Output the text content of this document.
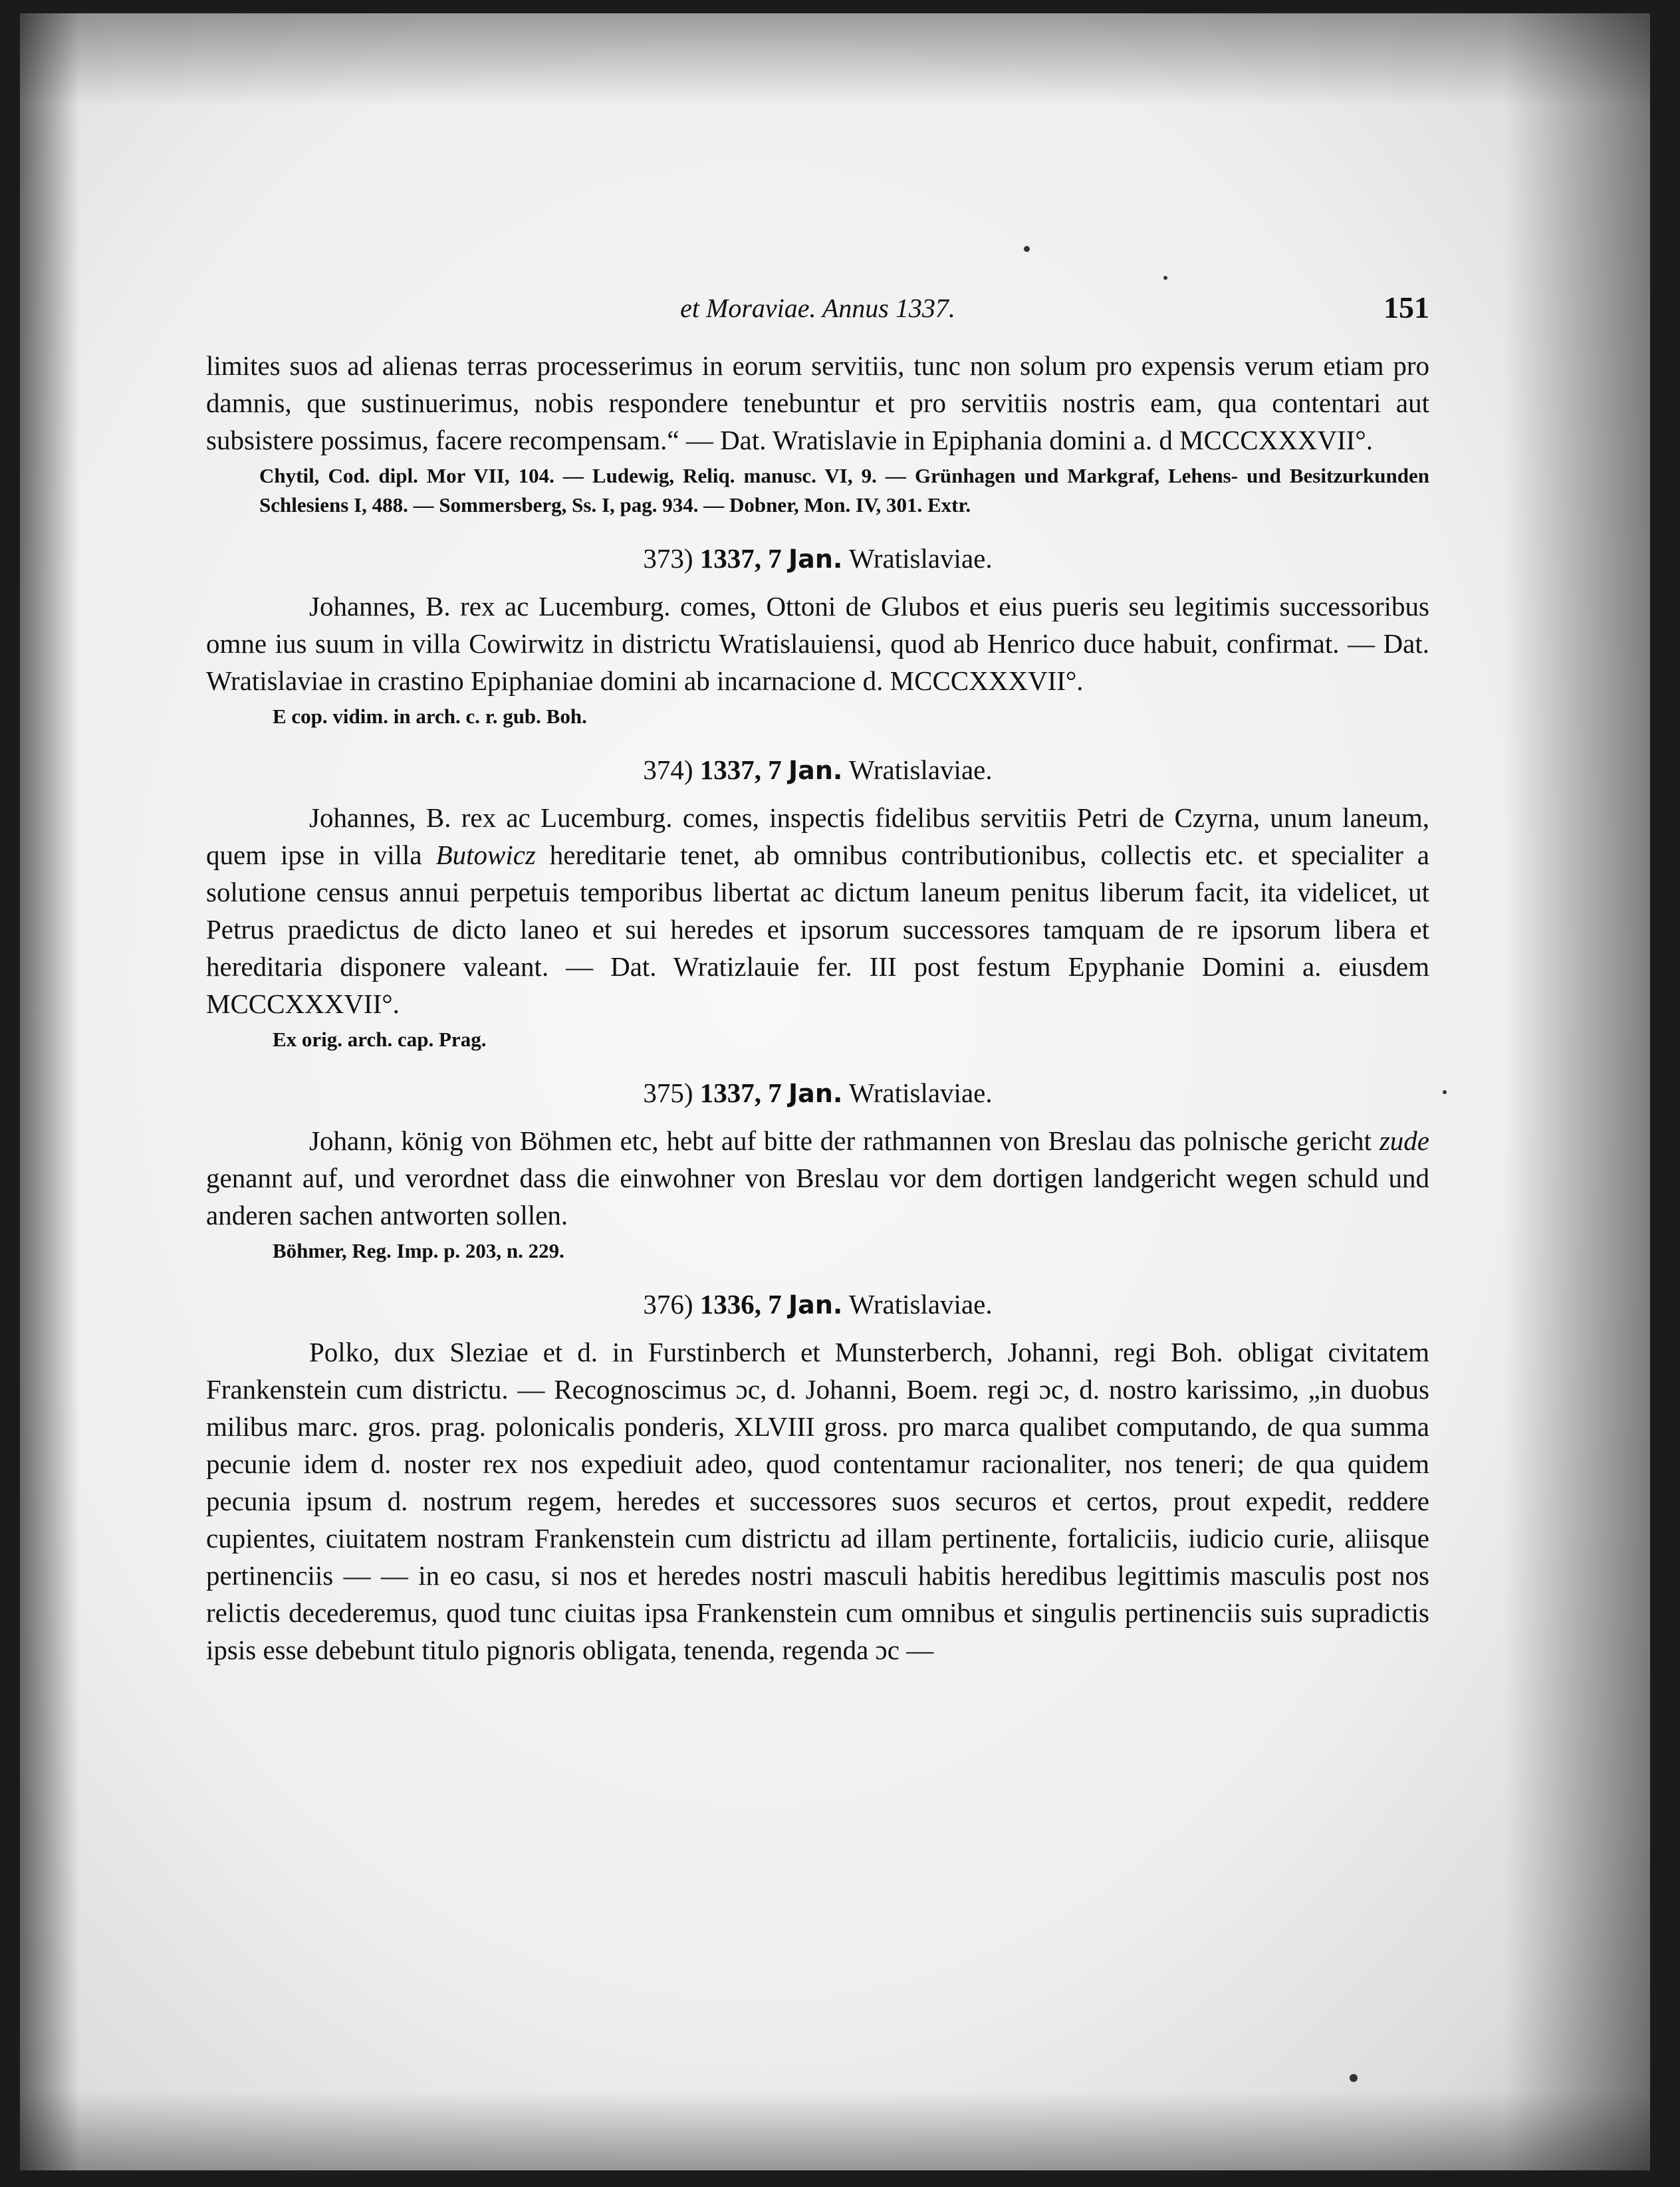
et Moraviae. Annus 1337.	151

limites suos ad alienas terras processerimus in eorum servitiis, tunc non solum pro expensis verum etiam pro damnis, que sustinuerimus, nobis respondere tenebuntur et pro servitiis nostris eam, qua contentari aut subsistere possimus, facere recompensam.“ — Dat. Wratislavie in Epiphania domini a. d MCCCXXXVII°.

Chytil, Cod. dipl. Mor VII, 104. — Ludewig, Reliq. manusc. VI, 9. — Grünhagen und Markgraf, Lehens- und Besitzurkunden Schlesiens I, 488. — Sommersberg, Ss. I, pag. 934. — Dobner, Mon. IV, 301. Extr.

373) 1337, 7 Jan. Wratislaviae.

Johannes, B. rex ac Lucemburg. comes, Ottoni de Glubos et eius pueris seu legitimis successoribus omne ius suum in villa Cowirwitz in districtu Wratislauiensi, quod ab Henrico duce habuit, confirmat. — Dat. Wratislaviae in crastino Epiphaniae domini ab incarnacione d. MCCCXXXVII°.

E cop. vidim. in arch. c. r. gub. Boh.

374) 1337, 7 Jan. Wratislaviae.

Johannes, B. rex ac Lucemburg. comes, inspectis fidelibus servitiis Petri de Czyrna, unum laneum, quem ipse in villa Butowicz hereditarie tenet, ab omnibus contributionibus, collectis etc. et specialiter a solutione census annui perpetuis temporibus libertat ac dictum laneum penitus liberum facit, ita videlicet, ut Petrus praedictus de dicto laneo et sui heredes et ipsorum successores tamquam de re ipsorum libera et hereditaria disponere valeant. — Dat. Wratizlauie fer. III post festum Epyphanie Domini a. eiusdem MCCCXXXVII°.

Ex orig. arch. cap. Prag.

375) 1337, 7 Jan. Wratislaviae.

Johann, könig von Böhmen etc, hebt auf bitte der rathmannen von Breslau das polnische gericht zude genannt auf, und verordnet dass die einwohner von Breslau vor dem dortigen landgericht wegen schuld und anderen sachen antworten sollen.

Böhmer, Reg. Imp. p. 203, n. 229.

376) 1336, 7 Jan. Wratislaviae.

Polko, dux Sleziae et d. in Furstinberch et Munsterberch, Johanni, regi Boh. obligat civitatem Frankenstein cum districtu. — Recognoscimus ɔc, d. Johanni, Boem. regi ɔc, d. nostro karissimo, „in duobus milibus marc. gros. prag. polonicalis ponderis, XLVIII gross. pro marca qualibet computando, de qua summa pecunie idem d. noster rex nos expediuit adeo, quod contentamur racionaliter, nos teneri; de qua quidem pecunia ipsum d. nostrum regem, heredes et successores suos securos et certos, prout expedit, reddere cupientes, ciuitatem nostram Frankenstein cum districtu ad illam pertinente, fortaliciis, iudicio curie, aliisque pertinenciis — — in eo casu, si nos et heredes nostri masculi habitis heredibus legittimis masculis post nos relictis decederemus, quod tunc ciuitas ipsa Frankenstein cum omnibus et singulis pertinenciis suis supradictis ipsis esse debebunt titulo pignoris obligata, tenenda, regenda ɔc —
